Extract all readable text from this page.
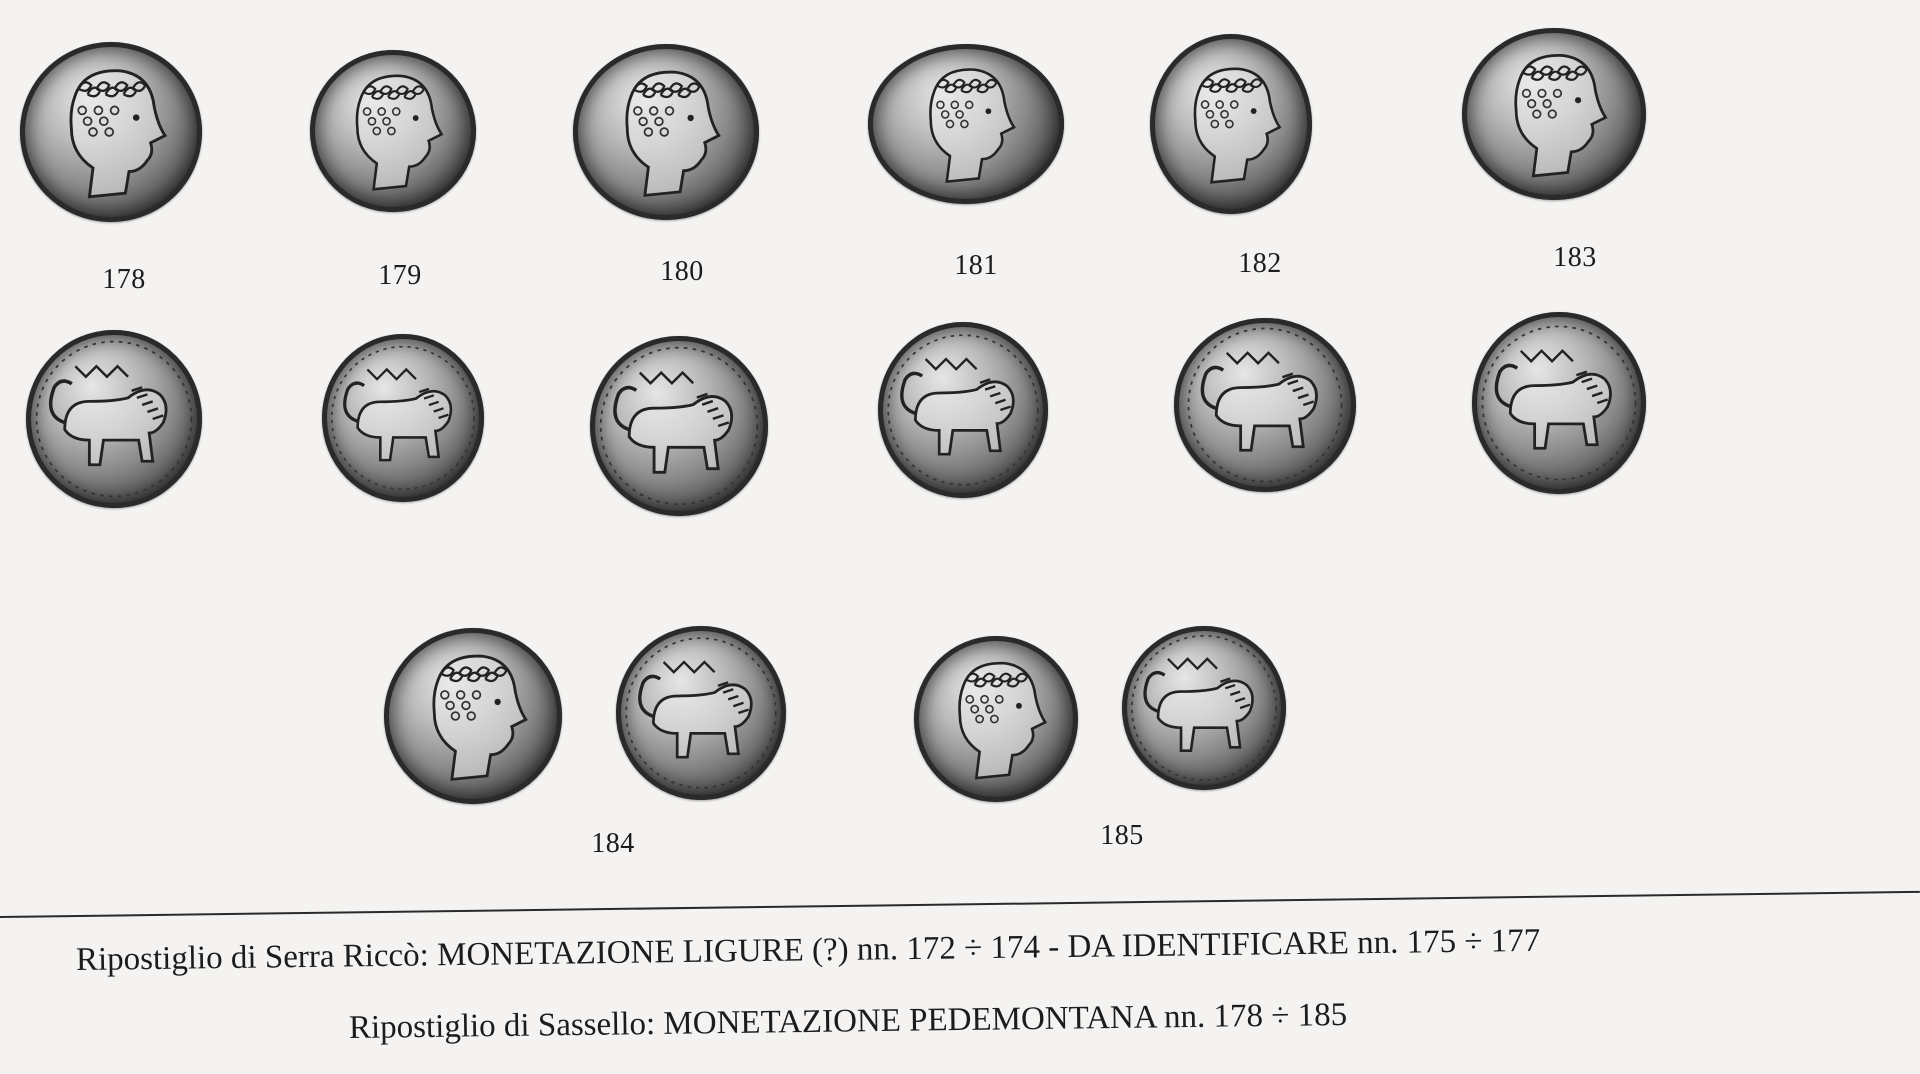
178	179	180	181	182	183
184	185
Ripostiglio di Serra Riccò: MONETAZIONE LIGURE (?) nn. 172 ÷ 174 - DA IDENTIFICARE nn. 175 ÷ 177
Ripostiglio di Sassello: MONETAZIONE PEDEMONTANA nn. 178 ÷ 185
